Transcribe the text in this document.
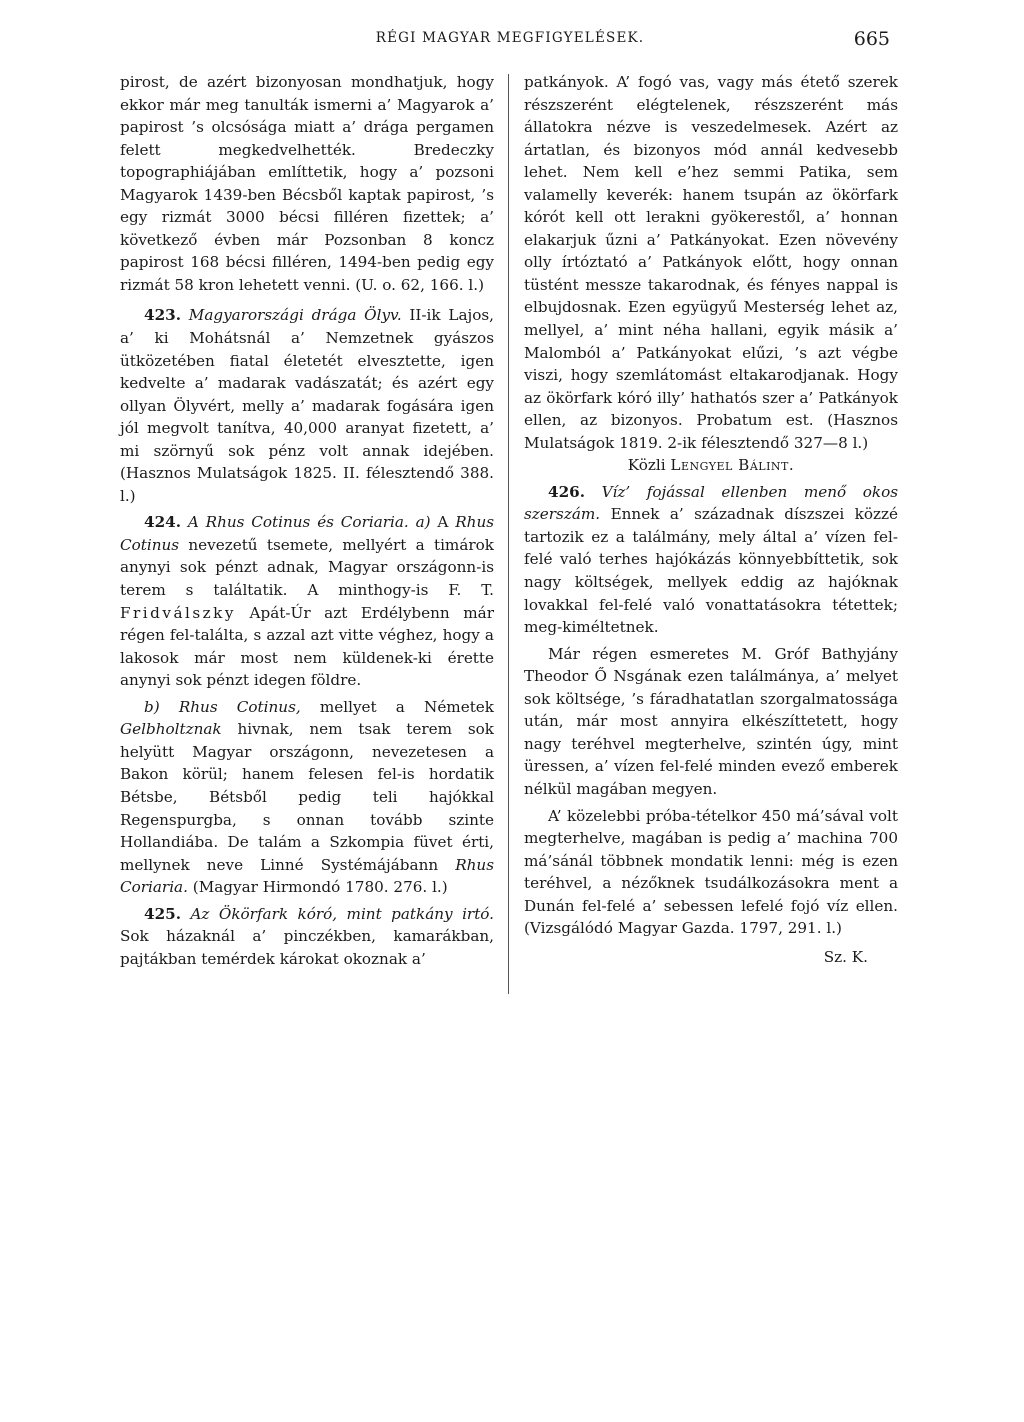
RÉGI MAGYAR MEGFIGYELÉSEK.	665

pirost, de azért bizonyosan mondhatjuk, hogy ekkor már meg tanulták ismerni a’ Magyarok a’ papirost ’s olcsósága miatt a’ drága pergamen felett megkedvelhették. Bredeczky topographiájában említtetik, hogy a’ pozsoni Magyarok 1439-ben Bécsből kaptak papirost, ’s egy rizmát 3000 bécsi filléren fizettek; a’ következő évben már Pozsonban 8 koncz papirost 168 bécsi filléren, 1494-ben pedig egy rizmát 58 kron lehetett venni. (U. o. 62, 166. l.)

423. Magyarországi drága Ölyv. II-ik Lajos, a’ ki Mohátsnál a’ Nemzetnek gyászos ütközetében fiatal életetét elvesztette, igen kedvelte a’ madarak vadászatát; és azért egy ollyan Ölyvért, melly a’ madarak fogására igen jól megvolt tanítva, 40,000 aranyat fizetett, a’ mi szörnyű sok pénz volt annak idejében. (Hasznos Mulatságok 1825. II. félesztendő 388. l.)

424. A Rhus Cotinus és Coriaria. a) A Rhus Cotinus nevezetű tsemete, mellyért a timárok anynyi sok pénzt adnak, Magyar országonn-is terem s találtatik. A minthogy-is F. T. Fridválszky Apát-Úr azt Erdélybenn már régen fel-találta, s azzal azt vitte véghez, hogy a lakosok már most nem küldenek-ki érette anynyi sok pénzt idegen földre.

b) Rhus Cotinus, mellyet a Németek Gelbholtznak hivnak, nem tsak terem sok helyütt Magyar országonn, nevezetesen a Bakon körül; hanem felesen fel-is hordatik Bétsbe, Bétsből pedig teli hajókkal Regenspurgba, s onnan tovább szinte Hollandiába. De talám a Szkompia füvet érti, mellynek neve Linné Systémájábann Rhus Coriaria. (Magyar Hirmondó 1780. 276. l.)

425. Az Ökörfark kóró, mint patkány irtó. Sok házaknál a’ pinczékben, kamarákban, pajtákban temérdek károkat okoznak a’

patkányok. A’ fogó vas, vagy más étető szerek részszerént elégtelenek, részszerént más állatokra nézve is veszedelmesek. Azért az ártatlan, és bizonyos mód annál kedvesebb lehet. Nem kell e’hez semmi Patika, sem valamelly keverék: hanem tsupán az ökörfark kórót kell ott lerakni gyökerestől, a’ honnan elakarjuk űzni a’ Patkányokat. Ezen növevény olly írtóztató a’ Patkányok előtt, hogy onnan tüstént messze takarodnak, és fényes nappal is elbujdosnak. Ezen együgyű Mesterség lehet az, mellyel, a’ mint néha hallani, egyik másik a’ Malomból a’ Patkányokat elűzi, ’s azt végbe viszi, hogy szemlátomást eltakarodjanak. Hogy az ökörfark kóró illy’ hathatós szer a’ Patkányok ellen, az bizonyos. Probatum est. (Hasznos Mulatságok 1819. 2-ik félesztendő 327—8 l.)

Közli Lengyel Bálint.

426. Víz’ fojással ellenben menő okos szerszám. Ennek a’ századnak díszszei közzé tartozik ez a találmány, mely által a’ vízen fel-felé való terhes hajókázás könnyebbíttetik, sok nagy költségek, mellyek eddig az hajóknak lovakkal fel-felé való vonattatásokra tétettek; meg-kiméltetnek.

Már régen esmeretes M. Gróf Bathyjány Theodor Ő Nsgának ezen találmánya, a’ melyet sok költsége, ’s fáradhatatlan szorgalmatossága után, már most annyira elkészíttetett, hogy nagy teréhvel megterhelve, szintén úgy, mint üressen, a’ vízen fel-felé minden evező emberek nélkül magában megyen.

A’ közelebbi próba-tételkor 450 má’sával volt megterhelve, magában is pedig a’ machina 700 má’sánál többnek mondatik lenni: még is ezen teréhvel, a nézőknek tsudálkozásokra ment a Dunán fel-felé a’ sebessen lefelé fojó víz ellen. (Vizsgálódó Magyar Gazda. 1797, 291. l.)

Sz. K.
